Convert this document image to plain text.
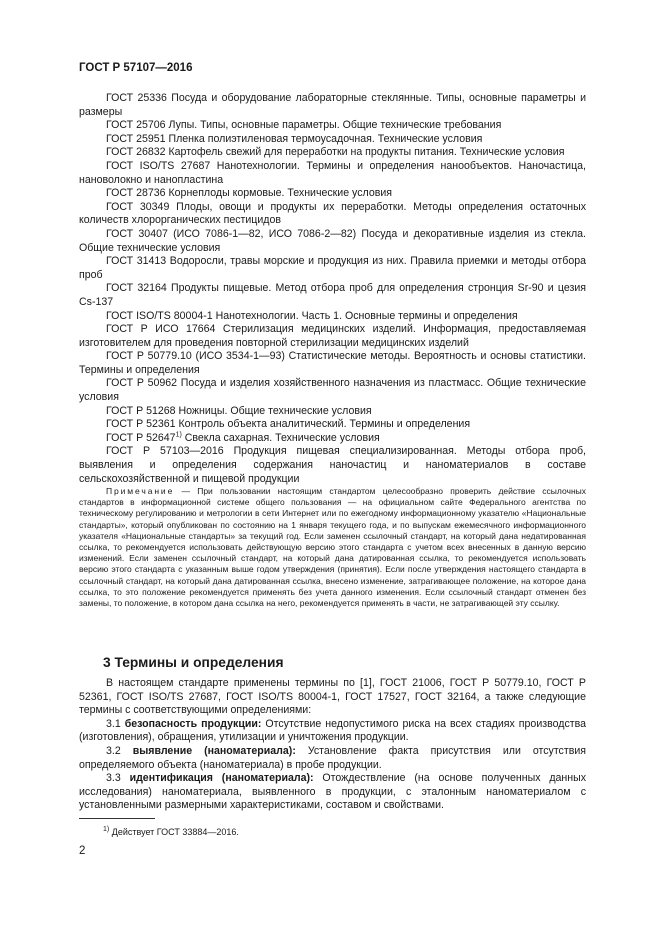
ГОСТ Р 57107—2016

ГОСТ 25336 Посуда и оборудование лабораторные стеклянные. Типы, основные параметры и размеры

ГОСТ 25706 Лупы. Типы, основные параметры. Общие технические требования

ГОСТ 25951 Пленка полиэтиленовая термоусадочная. Технические условия

ГОСТ 26832 Картофель свежий для переработки на продукты питания. Технические условия

ГОСТ ISO/TS 27687 Нанотехнологии. Термины и определения нанообъектов. Наночастица, нановолокно и нанопластина

ГОСТ 28736 Корнеплоды кормовые. Технические условия

ГОСТ 30349 Плоды, овощи и продукты их переработки. Методы определения остаточных количеств хлорорганических пестицидов

ГОСТ 30407 (ИСО 7086-1—82, ИСО 7086-2—82) Посуда и декоративные изделия из стекла. Общие технические условия

ГОСТ 31413 Водоросли, травы морские и продукция из них. Правила приемки и методы отбора проб

ГОСТ 32164 Продукты пищевые. Метод отбора проб для определения стронция Sr-90 и цезия Cs-137

ГОСТ ISO/TS 80004-1 Нанотехнологии. Часть 1. Основные термины и определения

ГОСТ Р ИСО 17664 Стерилизация медицинских изделий. Информация, предоставляемая изготовителем для проведения повторной стерилизации медицинских изделий

ГОСТ Р 50779.10 (ИСО 3534-1—93) Статистические методы. Вероятность и основы статистики. Термины и определения

ГОСТ Р 50962 Посуда и изделия хозяйственного назначения из пластмасс. Общие технические условия

ГОСТ Р 51268 Ножницы. Общие технические условия

ГОСТ Р 52361 Контроль объекта аналитический. Термины и определения

ГОСТ Р 52647$^{1)}$ Свекла сахарная. Технические условия

ГОСТ Р 57103—2016 Продукция пищевая специализированная. Методы отбора проб, выявления и определения содержания наночастиц и наноматериалов в составе сельскохозяйственной и пищевой продукции

Примечание — При пользовании настоящим стандартом целесообразно проверить действие ссылочных стандартов в информационной системе общего пользования — на официальном сайте Федерального агентства по техническому регулированию и метрологии в сети Интернет или по ежегодному информационному указателю «Национальные стандарты», который опубликован по состоянию на 1 января текущего года, и по выпускам ежемесячного информационного указателя «Национальные стандарты» за текущий год. Если заменен ссылочный стандарт, на который дана недатированная ссылка, то рекомендуется использовать действующую версию этого стандарта с учетом всех внесенных в данную версию изменений. Если заменен ссылочный стандарт, на который дана датированная ссылка, то рекомендуется использовать версию этого стандарта с указанным выше годом утверждения (принятия). Если после утверждения настоящего стандарта в ссылочный стандарт, на который дана датированная ссылка, внесено изменение, затрагивающее положение, на которое дана ссылка, то это положение рекомендуется применять без учета данного изменения. Если ссылочный стандарт отменен без замены, то положение, в котором дана ссылка на него, рекомендуется применять в части, не затрагивающей эту ссылку.

3 Термины и определения

В настоящем стандарте применены термины по [1], ГОСТ 21006, ГОСТ Р 50779.10, ГОСТ Р 52361, ГОСТ ISO/TS 27687, ГОСТ ISO/TS 80004-1, ГОСТ 17527, ГОСТ 32164, а также следующие термины с соответствующими определениями:

3.1 безопасность продукции: Отсутствие недопустимого риска на всех стадиях производства (изготовления), обращения, утилизации и уничтожения продукции.

3.2 выявление (наноматериала): Установление факта присутствия или отсутствия определяемого объекта (наноматериала) в пробе продукции.

3.3 идентификация (наноматериала): Отождествление (на основе полученных данных исследования) наноматериала, выявленного в продукции, с эталонным наноматериалом с установленными размерными характеристиками, составом и свойствами.

$^{1)}$ Действует ГОСТ 33884—2016.
2
